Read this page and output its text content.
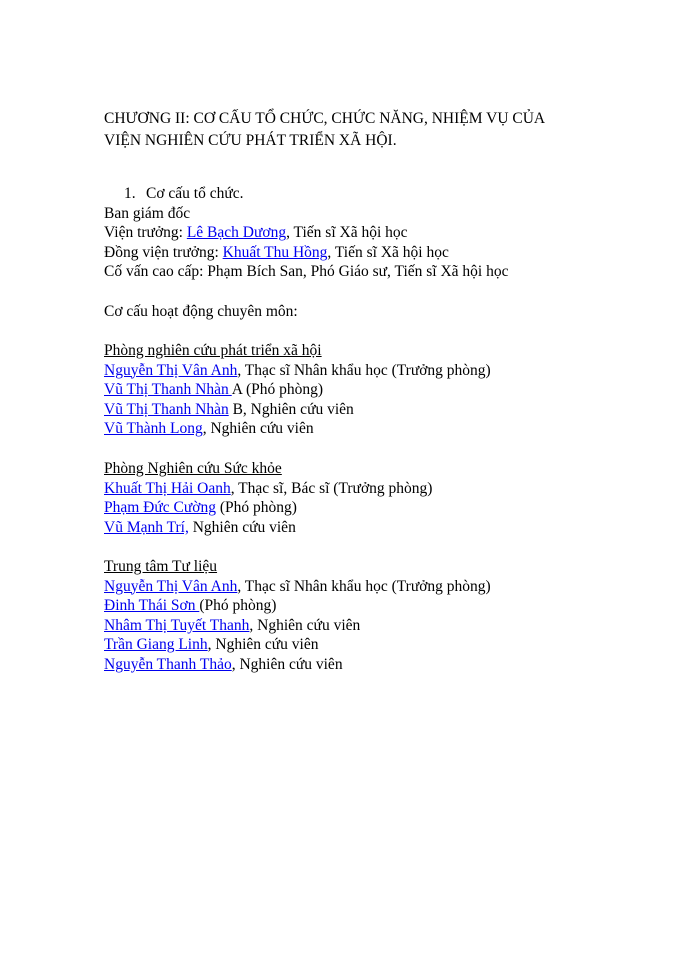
CHƯƠNG II: CƠ CẤU TỔ CHỨC, CHỨC NĂNG, NHIỆM VỤ CỦA VIỆN NGHIÊN CỨU PHÁT TRIỂN XÃ HỘI.
1. Cơ cấu tổ chức.
Ban giám đốc
Viện trưởng: Lê Bạch Dương, Tiến sĩ Xã hội học
Đồng viện trưởng: Khuất Thu Hồng, Tiến sĩ Xã hội học
Cố vấn cao cấp: Phạm Bích San, Phó Giáo sư, Tiến sĩ Xã hội học
Cơ cấu hoạt động chuyên môn:
Phòng nghiên cứu phát triển xã hội
Nguyễn Thị Vân Anh, Thạc sĩ Nhân khẩu học (Trưởng phòng)
Vũ Thị Thanh Nhàn A (Phó phòng)
Vũ Thị Thanh Nhàn B, Nghiên cứu viên
Vũ Thành Long, Nghiên cứu viên
Phòng Nghiên cứu Sức khỏe
Khuất Thị Hải Oanh, Thạc sĩ, Bác sĩ (Trưởng phòng)
Phạm Đức Cường (Phó phòng)
Vũ Mạnh Trí, Nghiên cứu viên
Trung tâm Tư liệu
Nguyễn Thị Vân Anh, Thạc sĩ Nhân khẩu học (Trưởng phòng)
Đinh Thái Sơn (Phó phòng)
Nhâm Thị Tuyết Thanh, Nghiên cứu viên
Trần Giang Linh, Nghiên cứu viên
Nguyễn Thanh Thảo, Nghiên cứu viên
